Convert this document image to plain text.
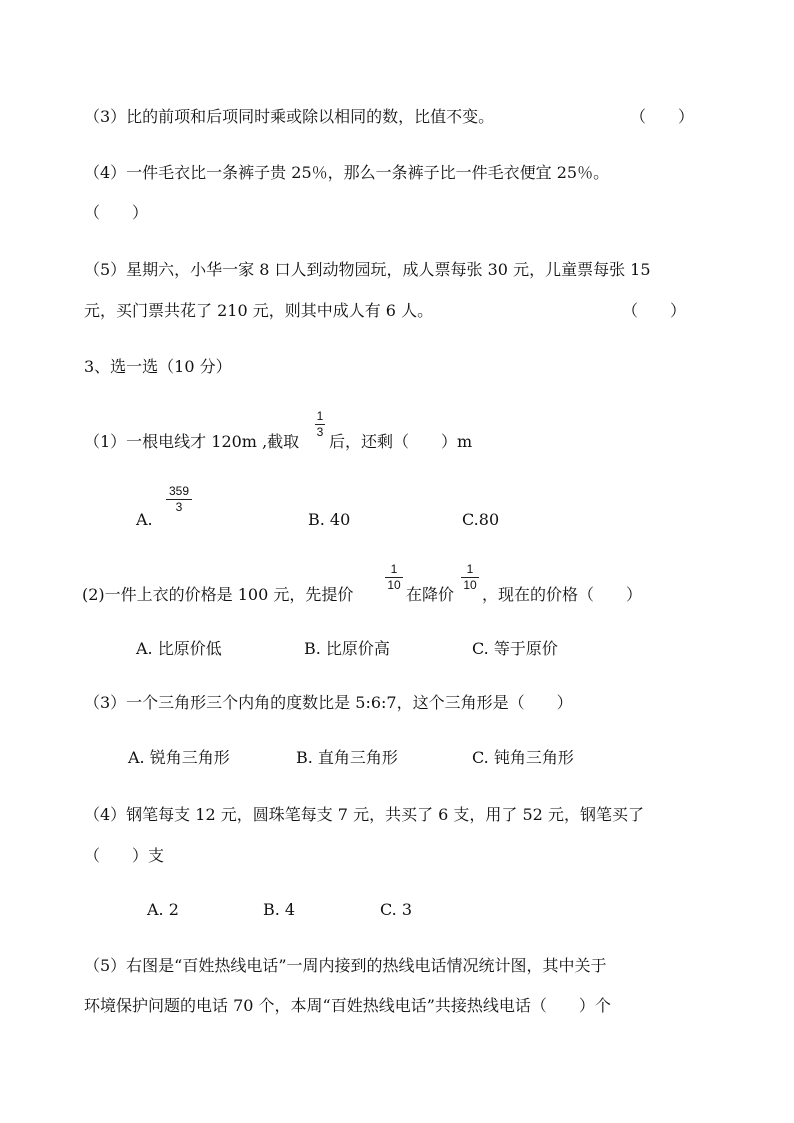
（3）比的前项和后项同时乘或除以相同的数，比值不变。	（　　）
（4）一件毛衣比一条裤子贵 25％，那么一条裤子比一件毛衣便宜 25％。
（　　）
（5）星期六，小华一家 8 口人到动物园玩，成人票每张 30 元，儿童票每张 15
元，买门票共花了 210 元，则其中成人有 6 人。	（　　）
3、选一选（10 分）
（1）一根电线才 120m ,截取
1
3 后，还剩（　　）m
A.
359
3
B. 40	C.80
(2)一件上衣的价格是 100 元，先提价
1
10 在降价
1
10 ，现在的价格（　　）
A. 比原价低	B. 比原价高	C. 等于原价
（3）一个三角形三个内角的度数比是 5:6:7，这个三角形是（　　）
A. 锐角三角形	B. 直角三角形	C. 钝角三角形
（4）钢笔每支 12 元，圆珠笔每支 7 元，共买了 6 支，用了 52 元，钢笔买了
（　　）支
A. 2	B. 4	C. 3
（5）右图是“百姓热线电话”一周内接到的热线电话情况统计图，其中关于
环境保护问题的电话 70 个，本周“百姓热线电话”共接热线电话（　　）个
